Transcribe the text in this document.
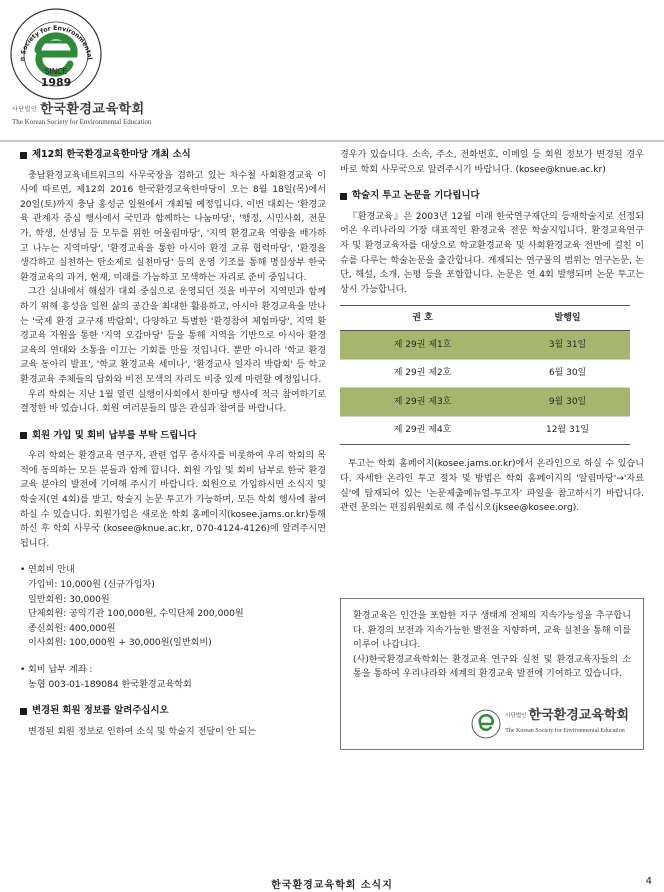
n Society for Environmental
SINCE
1989
사단법인 한국환경교육학회
The Korean Society for Environmental Education
제12회 한국환경교육한마당 개최 소식

충남환경교육네트워크의 사무국장을 겸하고 있는 차수철 사회환경교육 이사에 따르면, 제12회 2016 한국환경교육한마당이 오는 8월 18일(목)에서 20일(토)까지 충남 홍성군 일원에서 개최될 예정입니다. 이번 대회는 '환경교육 관계자 중심 행사에서 국민과 함께하는 나눔마당', '행정, 시민사회, 전문가, 학생, 선생님 등 모두를 위한 어울림마당', '지역 환경교육 역량을 배가하고 나누는 지역마당', '환경교육을 통한 아시아 환경 교류 협력마당', '환경을 생각하고 실천하는 탄소제로 실천마당' 등의 운영 기조를 통해 명실상부 한국 환경교육의 과거, 현재, 미래를 가늠하고 모색하는 자리로 준비 중입니다.

그간 실내에서 해설가 대회 중심으로 운영되던 것을 바꾸어 지역민과 함께 하기 위해 홍성읍 일원 삶의 공간을 최대한 활용하고, 아시아 환경교육을 만나는 '국제 환경 교구재 박람회', 다양하고 특별한 '환경참여 체험마당', 지역 환경교육 자원을 통한 '지역 오감마당' 등을 통해 지역을 기반으로 아시아 환경교육의 연대와 소통을 이끄는 기회를 만들 것입니다. 뿐만 아니라 '학교 환경교육 동아리 발표', '학교 환경교육 세미나', '환경교사 일자리 박람회' 등 학교환경교육 주체들의 담화와 비전 모색의 자리도 비중 있게 마련할 예정입니다.

우리 학회는 지난 1월 열린 실행이사회에서 한마당 행사에 적극 참여하기로 결정한 바 있습니다. 회원 여러분들의 많은 관심과 참여를 바랍니다.

회원 가입 및 회비 납부를 부탁 드립니다

우리 학회는 환경교육 연구자, 관련 업무 종사자를 비롯하여 우리 학회의 목적에 동의하는 모든 분들과 함께 합니다. 회원 가입 및 회비 납부로 한국 환경교육 분야의 발전에 기여해 주시기 바랍니다. 회원으로 가입하시면 소식지 및 학술지(연 4회)를 받고, 학술지 논문 투고가 가능하며, 모든 학회 행사에 참여하실 수 있습니다. 회원가입은 새로운 학회 홈페이지(kosee.jams.or.kr)통해 하신 후 학회 사무국 (kosee@knue.ac.kr, 070-4124-4126)에 알려주시면 됩니다.

• 연회비 안내
가입비: 10,000원 (신규가입자)
일반회원: 30,000원
단체회원: 공익기관 100,000원, 수익단체 200,000원
종신회원: 400,000원
이사회원: 100,000원 + 30,000원(일반회비)
• 회비 납부 계좌 :
농협 003-01-189084 한국환경교육학회
변경된 회원 정보를 알려주십시오

변경된 회원 정보로 인하여 소식 및 학술지 전달이 안 되는

경우가 있습니다. 소속, 주소, 전화번호, 이메일 등 회원 정보가 변경된 경우 바로 학회 사무국으로 알려주시기 바랍니다. (kosee@knue.ac.kr)

학술지 투고 논문을 기다립니다

『환경교육』은 2003년 12월 이래 한국연구재단의 등재학술지로 선정되어온 우리나라의 가장 대표적인 환경교육 전문 학술지입니다. 환경교육연구자 및 환경교육자를 대상으로 학교환경교육 및 사회환경교육 전반에 걸친 이슈를 다루는 학술논문을 출간합니다. 게재되는 연구물의 범위는 연구논문, 논단, 해설, 소개, 논평 등을 포함합니다. 논문은 연 4회 발행되며 논문 투고는 상시 가능합니다.

권 호	발행일
제 29권 제1호	3월 31일
제 29권 제2호	6월 30일
제 29권 제3호	9월 30일
제 29권 제4호	12월 31일

투고는 학회 홈페이지(kosee.jams.or.kr)에서 온라인으로 하실 수 있습니다. 자세한 온라인 투고 절차 및 방법은 학회 홈페이지의 '알림마당'→'자료실'에 탑재되어 있는 '논문제출메뉴얼-투고자' 파일을 참고하시기 바랍니다. 관련 문의는 편집위원회로 해 주십시오(jksee@kosee.org).

환경교육은 인간을 포함한 지구 생태계 전체의 지속가능성을 추구합니다. 환경의 보전과 지속가능한 발전을 지향하며, 교육 실천을 통해 이를 이루어 나갑니다.

(사)한국환경교육학회는 환경교육 연구와 실천 및 환경교육자들의 소통을 통하여 우리나라와 세계의 환경교육 발전에 기여하고 있습니다.

사단법인 한국환경교육학회
The Korean Society for Environmental Education
한국환경교육학회 소식지	4
